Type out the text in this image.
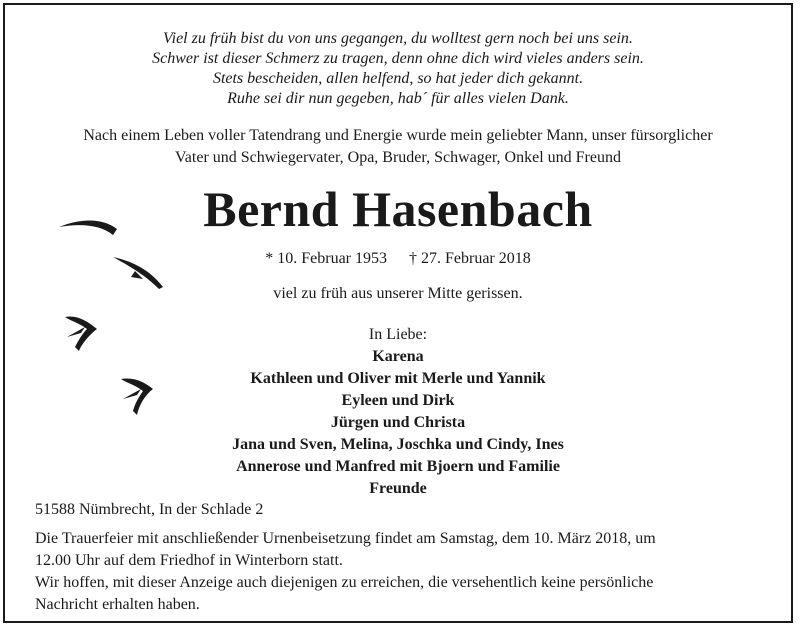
Viel zu früh bist du von uns gegangen, du wolltest gern noch bei uns sein.
Schwer ist dieser Schmerz zu tragen, denn ohne dich wird vieles anders sein.
Stets bescheiden, allen helfend, so hat jeder dich gekannt.
Ruhe sei dir nun gegeben, hab´ für alles vielen Dank.
Nach einem Leben voller Tatendrang und Energie wurde mein geliebter Mann, unser fürsorglicher
Vater und Schwiegervater, Opa, Bruder, Schwager, Onkel und Freund
Bernd Hasenbach
* 10. Februar 1953 † 27. Februar 2018
viel zu früh aus unserer Mitte gerissen.
In Liebe:
Karena
Kathleen und Oliver mit Merle und Yannik
Eyleen und Dirk
Jürgen und Christa
Jana und Sven, Melina, Joschka und Cindy, Ines
Annerose und Manfred mit Bjoern und Familie
Freunde
51588 Nümbrecht, In der Schlade 2
Die Trauerfeier mit anschließender Urnenbeisetzung findet am Samstag, dem 10. März 2018, um
12.00 Uhr auf dem Friedhof in Winterborn statt.
Wir hoffen, mit dieser Anzeige auch diejenigen zu erreichen, die versehentlich keine persönliche
Nachricht erhalten haben.
